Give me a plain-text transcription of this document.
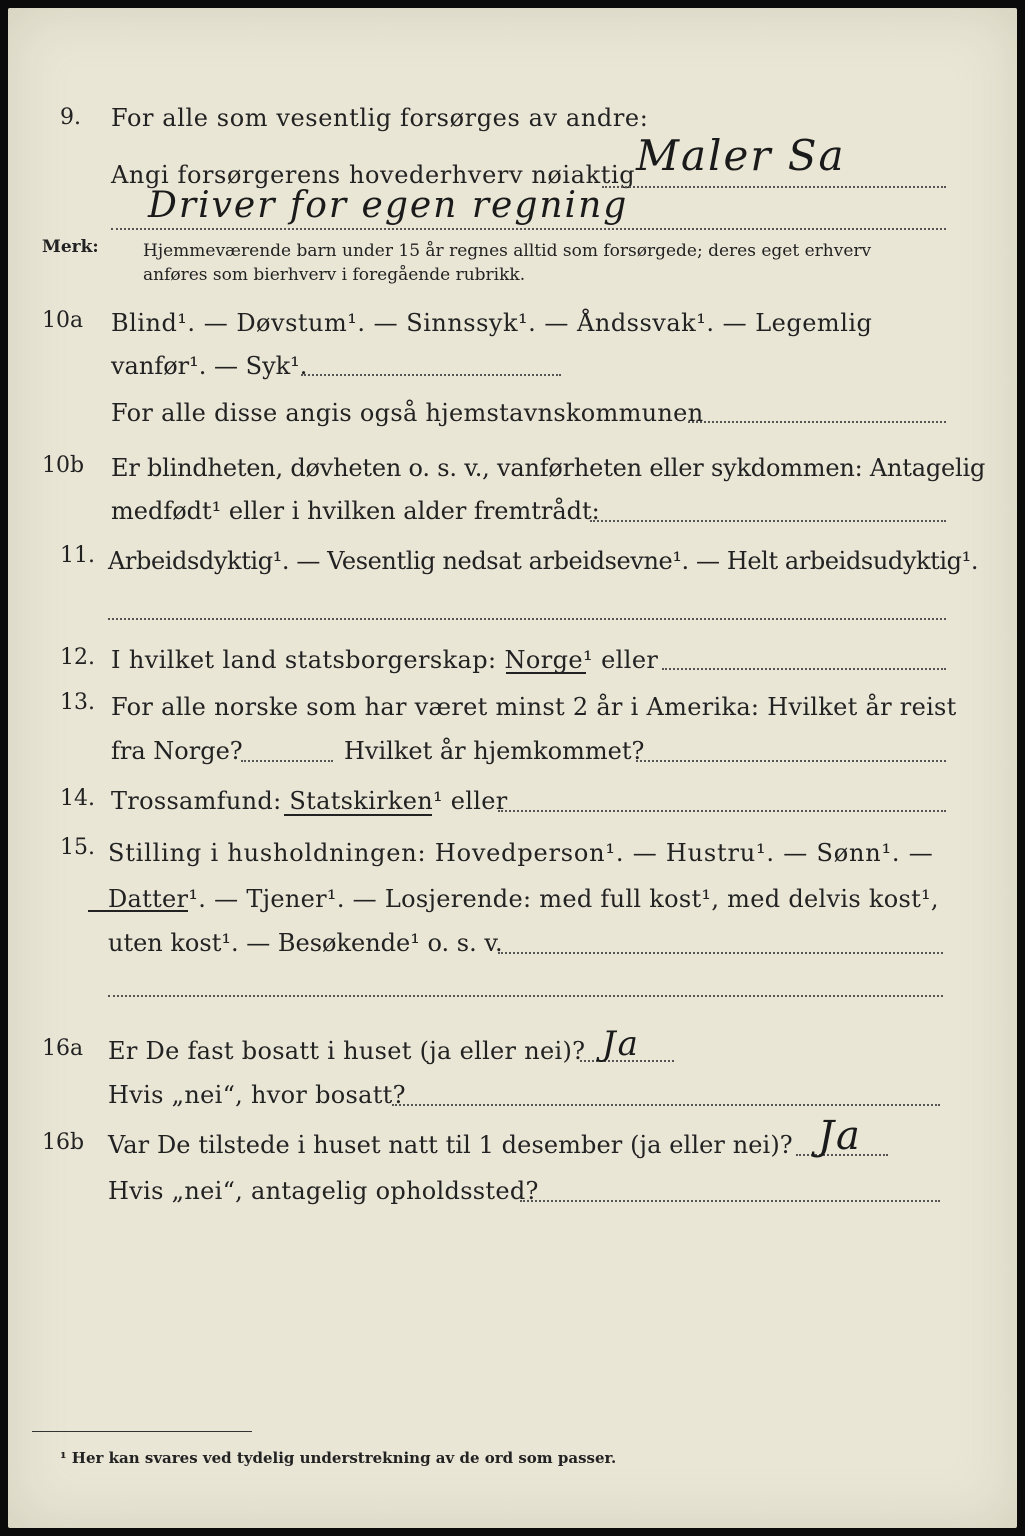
9. For alle som vesentlig forsørges av andre:
Angi forsørgerens hovederhverv nøiaktig Maler Sa
Driver for egen regning
Merk:	Hjemmeværende barn under 15 år regnes alltid som forsørgede; deres eget erhverv
anføres som bierhverv i foregående rubrikk.
10a Blind¹. — Døvstum¹. — Sinnssyk¹. — Åndssvak¹. — Legemlig
vanfør¹. — Syk¹.
For alle disse angis også hjemstavnskommunen
10b Er blindheten, døvheten o. s. v., vanførheten eller sykdommen: Antagelig
medfødt¹ eller i hvilken alder fremtrådt:
11. Arbeidsdyktig¹. — Vesentlig nedsat arbeidsevne¹. — Helt arbeidsudyktig¹.
12. I hvilket land statsborgerskap: Norge¹ eller
13. For alle norske som har været minst 2 år i Amerika: Hvilket år reist
fra Norge?	Hvilket år hjemkommet?
14. Trossamfund: Statskirken¹ eller
15. Stilling i husholdningen: Hovedperson¹. — Hustru¹. — Sønn¹. —
Datter¹. — Tjener¹. — Losjerende: med full kost¹, med delvis kost¹,
uten kost¹. — Besøkende¹ o. s. v.
16a Er De fast bosatt i huset (ja eller nei)? Ja
Hvis „nei“, hvor bosatt?
16b Var De tilstede i huset natt til 1 desember (ja eller nei)? Ja
Hvis „nei“, antagelig opholdssted?
¹ Her kan svares ved tydelig understrekning av de ord som passer.
